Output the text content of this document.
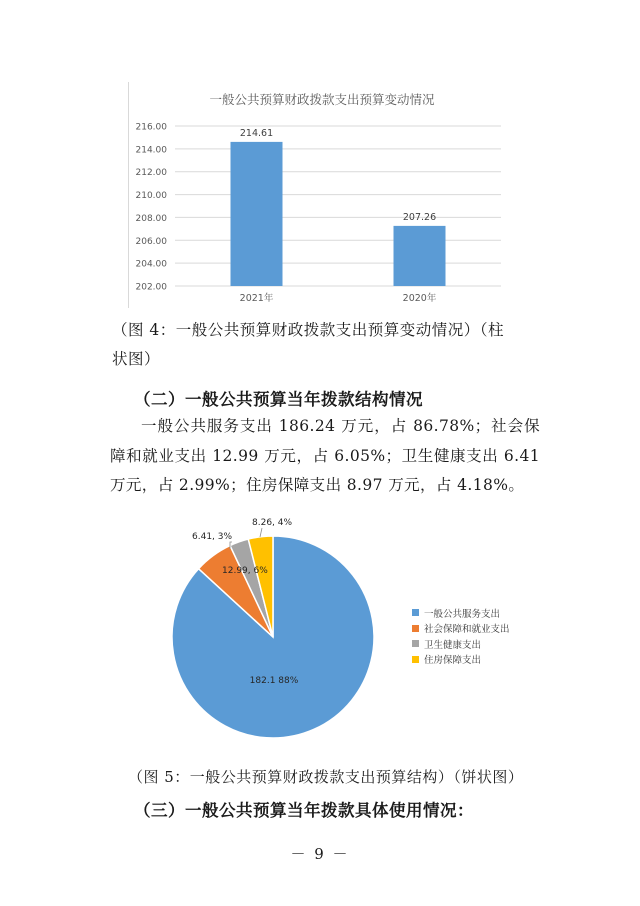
一般公共预算财政拨款支出预算变动情况
202.00
204.00
206.00
208.00
210.00
212.00
214.00
216.00
214.61
2021年
207.26
2020年
（图 4：一般公共预算财政拨款支出预算变动情况）（柱
状图）
（二）一般公共预算当年拨款结构情况

一般公共服务支出 186.24 万元，占 86.78%；社会保障和就业支出 12.99 万元，占 6.05%；卫生健康支出 6.41 万元，占 2.99%；住房保障支出 8.97 万元，占 4.18%。

182.1 88%
12.99, 6%
6.41, 3%
8.26, 4%
一般公共服务支出
社会保障和就业支出
卫生健康支出
住房保障支出
（图 5：一般公共预算财政拨款支出预算结构）（饼状图）
（三）一般公共预算当年拨款具体使用情况：
－ 9 －
